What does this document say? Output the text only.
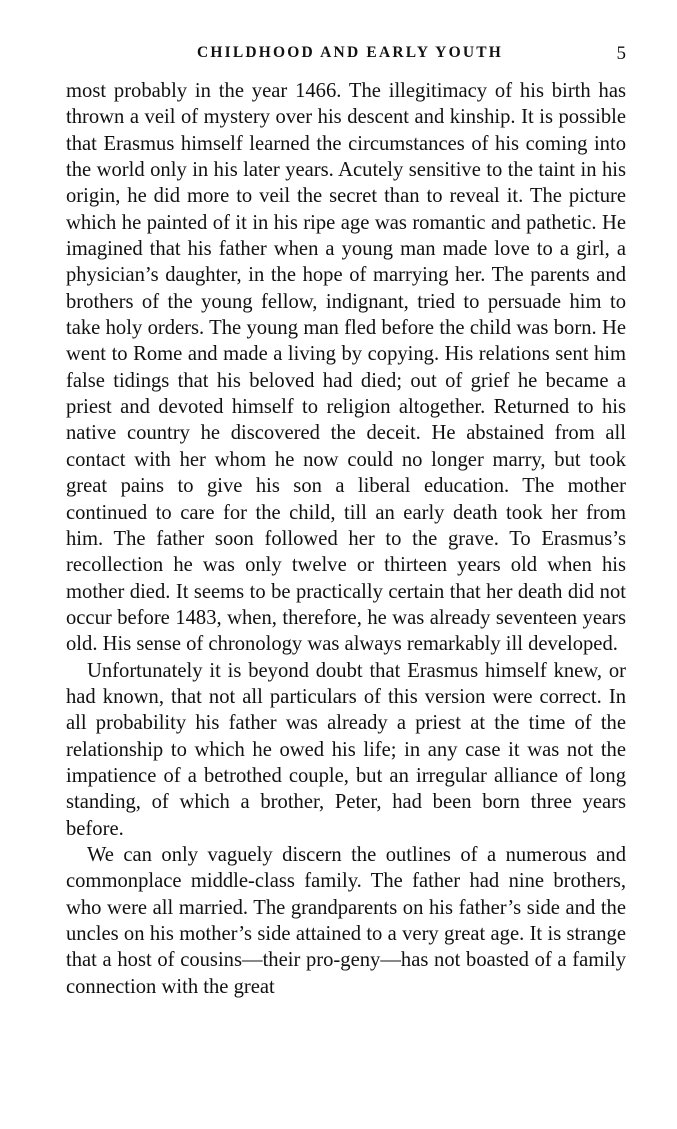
CHILDHOOD AND EARLY YOUTH	5

most probably in the year 1466. The illegitimacy of his birth has thrown a veil of mystery over his descent and kinship. It is possible that Erasmus himself learned the circumstances of his coming into the world only in his later years. Acutely sensitive to the taint in his origin, he did more to veil the secret than to reveal it. The picture which he painted of it in his ripe age was romantic and pathetic. He imagined that his father when a young man made love to a girl, a physician’s daughter, in the hope of marrying her. The parents and brothers of the young fellow, indignant, tried to persuade him to take holy orders. The young man fled before the child was born. He went to Rome and made a living by copying. His relations sent him false tidings that his beloved had died; out of grief he became a priest and devoted himself to religion altogether. Returned to his native country he discovered the deceit. He abstained from all contact with her whom he now could no longer marry, but took great pains to give his son a liberal education. The mother continued to care for the child, till an early death took her from him. The father soon followed her to the grave. To Erasmus’s recollection he was only twelve or thirteen years old when his mother died. It seems to be practically certain that her death did not occur before 1483, when, therefore, he was already seventeen years old. His sense of chronology was always remarkably ill developed.

Unfortunately it is beyond doubt that Erasmus himself knew, or had known, that not all particulars of this version were correct. In all probability his father was already a priest at the time of the relationship to which he owed his life; in any case it was not the impatience of a betrothed couple, but an irregular alliance of long standing, of which a brother, Peter, had been born three years before.

We can only vaguely discern the outlines of a numerous and commonplace middle-class family. The father had nine brothers, who were all married. The grandparents on his father’s side and the uncles on his mother’s side attained to a very great age. It is strange that a host of cousins—their pro-geny—has not boasted of a family connection with the great
